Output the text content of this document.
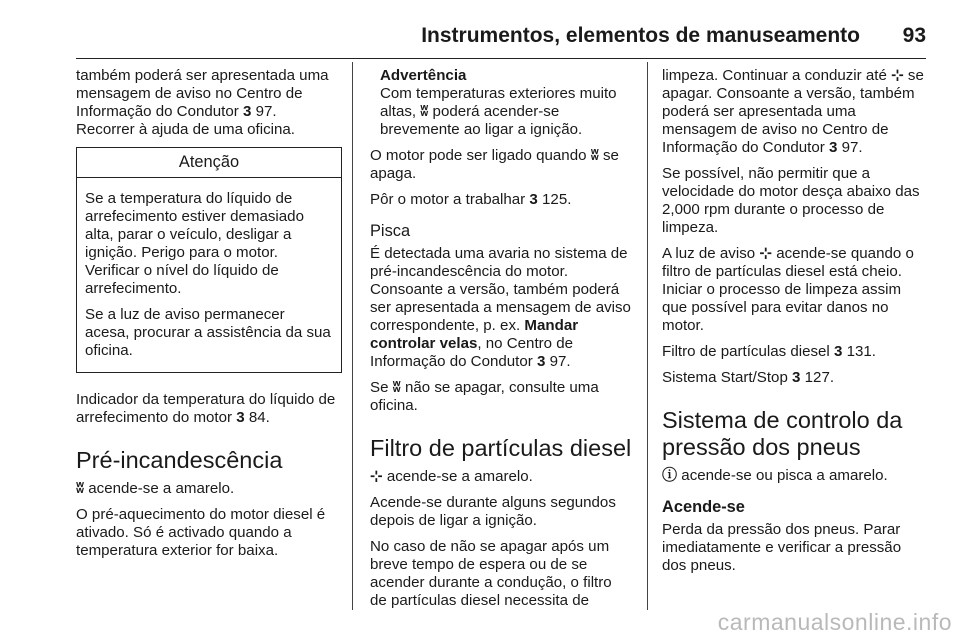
Instrumentos, elementos de manuseamento 93

também poderá ser apresentada uma mensagem de aviso no Centro de Informação do Condutor 3 97.

Recorrer à ajuda de uma oficina.

Atenção

Se a temperatura do líquido de arrefecimento estiver demasiado alta, parar o veículo, desligar a ignição. Perigo para o motor. Verificar o nível do líquido de arrefecimento.

Se a luz de aviso permanecer acesa, procurar a assistência da sua oficina.

Indicador da temperatura do líquido de arrefecimento do motor 3 84.

Pré-incandescência

ʬ acende-se a amarelo.

O pré-aquecimento do motor diesel é ativado. Só é activado quando a temperatura exterior for baixa.

Advertência
Com temperaturas exteriores muito altas, ʬ poderá acender-se brevemente ao ligar a ignição.

O motor pode ser ligado quando ʬ se apaga.

Pôr o motor a trabalhar 3 125.

Pisca

É detectada uma avaria no sistema de pré-incandescência do motor. Consoante a versão, também poderá ser apresentada a mensagem de aviso correspondente, p. ex. Mandar controlar velas, no Centro de Informação do Condutor 3 97.

Se ʬ não se apagar, consulte uma oficina.

Filtro de partículas diesel

⊹ acende-se a amarelo.

Acende-se durante alguns segundos depois de ligar a ignição.

No caso de não se apagar após um breve tempo de espera ou de se acender durante a condução, o filtro de partículas diesel necessita de

limpeza. Continuar a conduzir até ⊹ se apagar. Consoante a versão, também poderá ser apresentada uma mensagem de aviso no Centro de Informação do Condutor 3 97.

Se possível, não permitir que a velocidade do motor desça abaixo das 2,000 rpm durante o processo de limpeza.

A luz de aviso ⊹ acende-se quando o filtro de partículas diesel está cheio. Iniciar o processo de limpeza assim que possível para evitar danos no motor.

Filtro de partículas diesel 3 131.

Sistema Start/Stop 3 127.

Sistema de controlo da pressão dos pneus

ⓘ acende-se ou pisca a amarelo.

Acende-se

Perda da pressão dos pneus. Parar imediatamente e verificar a pressão dos pneus.

carmanualsonline.info
